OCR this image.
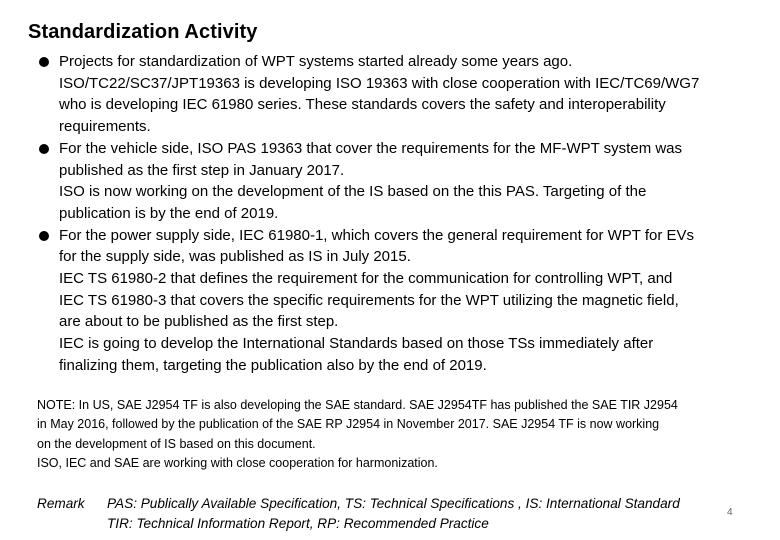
Standardization Activity
Projects for standardization of WPT systems started already some years ago.
ISO/TC22/SC37/JPT19363 is developing ISO 19363 with close cooperation with IEC/TC69/WG7
who is developing IEC 61980 series. These standards covers the safety and interoperability
requirements.
For the vehicle side, ISO PAS 19363 that cover the requirements for the MF-WPT system was
published as the first step in January 2017.
ISO is now working on the development of the IS based on the this PAS. Targeting of the
publication is by the end of 2019.
For the power supply side, IEC 61980-1, which covers the general requirement for WPT for EVs
for the supply side, was published as IS in July 2015.
IEC TS 61980-2 that defines the requirement for the communication for controlling WPT, and
IEC TS 61980-3 that covers the specific requirements for the WPT utilizing the magnetic field,
are about to be published as the first step.
IEC is going to develop the International Standards based on those TSs immediately after
finalizing them, targeting the publication also by the end of 2019.
NOTE: In US, SAE J2954 TF is also developing the SAE standard. SAE J2954TF has published the SAE TIR J2954
in May 2016, followed by the publication of the SAE RP J2954 in November 2017. SAE J2954 TF is now working
on the development of IS based on this document.
ISO, IEC and SAE are working with close cooperation for harmonization.
Remark PAS: Publically Available Specification, TS: Technical Specifications , IS: International Standard
TIR: Technical Information Report, RP: Recommended Practice
4
